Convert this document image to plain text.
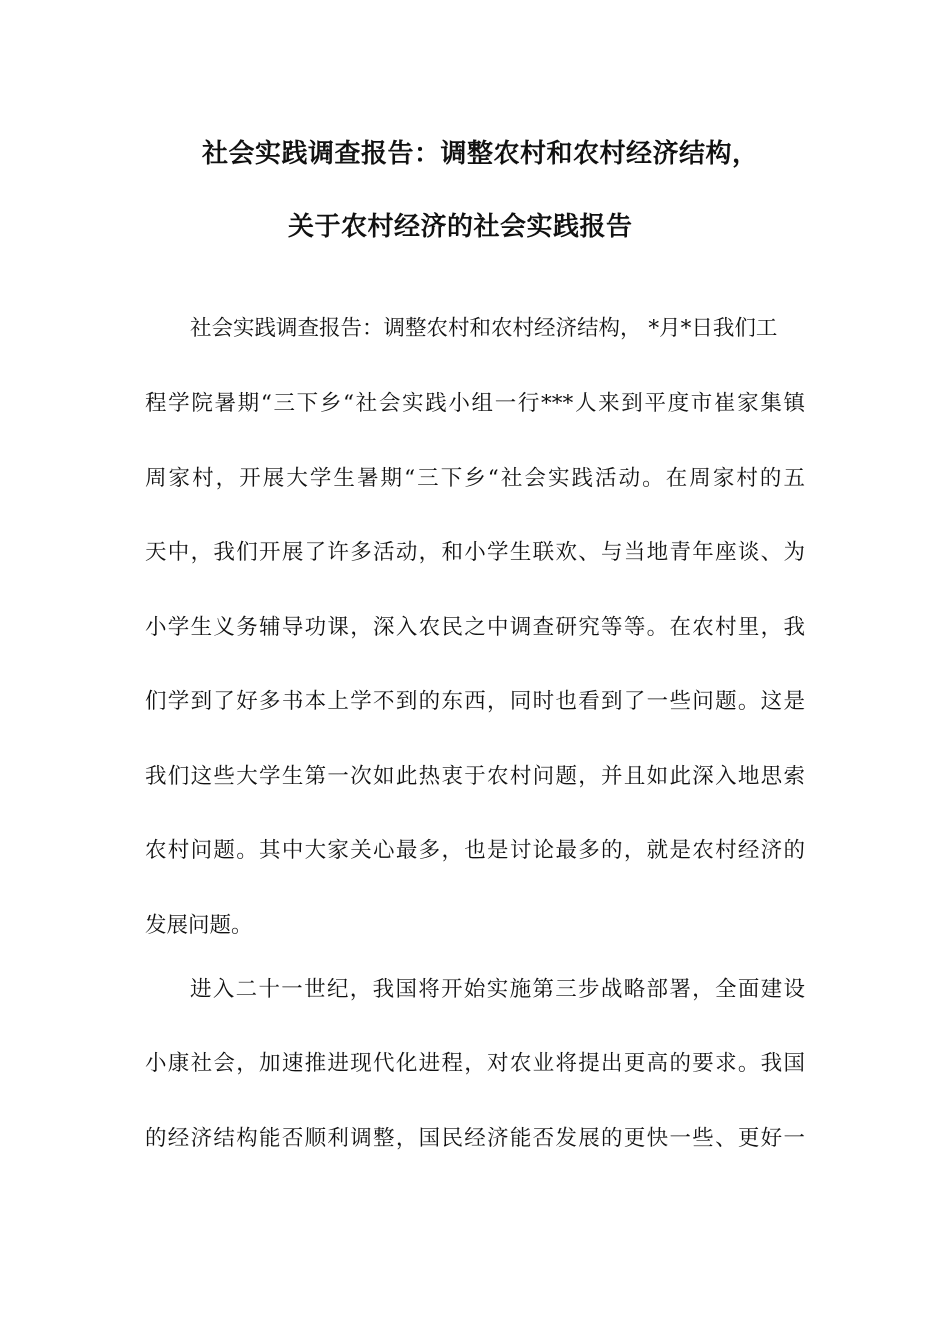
社会实践调查报告：调整农村和农村经济结构，
关于农村经济的社会实践报告
社会实践调查报告：调整农村和农村经济结构， *月*日我们工
程学院暑期“三下乡“社会实践小组一行***人来到平度市崔家集镇
周家村，开展大学生暑期“三下乡“社会实践活动。在周家村的五
天中，我们开展了许多活动，和小学生联欢、与当地青年座谈、为
小学生义务辅导功课，深入农民之中调查研究等等。在农村里，我
们学到了好多书本上学不到的东西，同时也看到了一些问题。这是
我们这些大学生第一次如此热衷于农村问题，并且如此深入地思索
农村问题。其中大家关心最多，也是讨论最多的，就是农村经济的
发展问题。
进入二十一世纪，我国将开始实施第三步战略部署，全面建设
小康社会，加速推进现代化进程，对农业将提出更高的要求。我国
的经济结构能否顺利调整，国民经济能否发展的更快一些、更好一
